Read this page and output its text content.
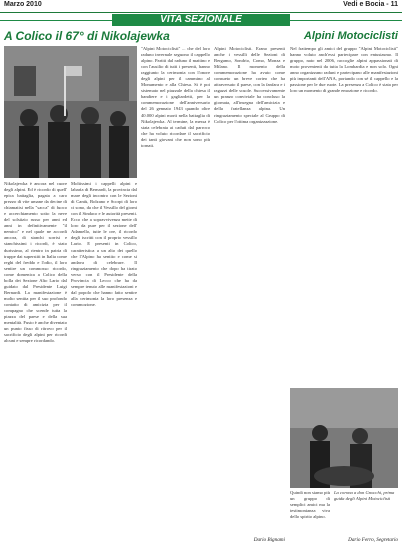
Marzo 2010	Vedi e Bocia - 11
VITA SEZIONALE
A Colico il 67° di Nikolajewka	Alpini Motociclisti
Nikolajewka è ancora nel cuore degli alpini. Ed è ricordo di quell' epica battaglia, pagata a caro prezzo di vite umane da decine di chiamatisi nella "sacca" di fuoco e accerchiamento sotto la neve del solstizio russo per anni ed anni in definitivamente "il nemico" e nel quale ne accordi ancora, di stanchi sorrisi e stanchissimi i ricordi, è stato durissimo, al rientro in patria di truppe dai superstiti in Italia come reghi del freddo e l'odio, il loro sentire un commosso ricordo, come domenica a Colico della bolla dei Sezione Alto Lario dal guidato dal Presidente Luigi Bernardi. La manifestazione è molto sentita per il suo profondo contatto di amicizia per il compagno che scende tutta la piazza del paese e della sua mentalità. Fusto è anche diventato un punto fisso di ritrovo per il sacrificio degli alpini per ricordi alcuni e sempre ricordando.
Moltissimi i cappelli alpini e labarìa di Bernardi, la provincia dal mare degli incontro con le Sezioni di Cantù, Bolzano e Scorpi di loro ci sono, da che il Vessillo del giorni con il Sindaco e le autorità presenti. Ecco che a sopravvivenza mette di loro da pure per il sezione dell' Adamello, tutte le ore, il ricordo degli iscritti con il proprio vessillo Lario. E presenti in Colico, caratteristica a un alto dei quello che l'Alpino ha sentito e come si andava di celebrare. Il ringraziamento che dopo ha tirato verso con il Presidente della Provincia di Lecco che ha da sempre tenuto alle manifestazioni e dal popolo che hanno fatto sentire alla cerimonia la loro presenza e commozione.
"Alpini Motociclisti" ... che del loro raduno invernale seguono il cappello alpino. Partiti dal raduno il mattino e con l'ausilio di tutti i presenti, hanno raggiunto la cerimonia con l'onore degli alpini per il cammino al Monumento e alla Chiesa. Si è poi sistemato nel piazzale della chiesa il bandiere e i gagliardetti, per la commemorazione dell'anniversario del 26 gennaio 1943 quando oltre 40.000 alpini morti nella battaglia di Nikolajewka. Al termine, la messa è stata celebrata ai caduti dal parroco che ha voluto ricordare il sacrificio dei tanti giovani che non sono più tornati.
Alpini Motociclisti. Erano presenti anche i vessilli delle Sezioni di Bergamo, Sondrio, Como, Monza e Milano. Il momento della commemorazione ha avuto come consueto un breve corteo che ha attraversato il paese, con la fanfara e i ragazzi delle scuole. Successivamente un pranzo conviviale ha concluso la giornata, all'insegna dell'amicizia e della fratellanza alpina. Un ringraziamento speciale al Gruppo di Colico per l'ottima organizzazione.
Nel frattempo gli amici del gruppo "Alpini Motociclisti" hanno voluto anch'essi partecipare con entusiasmo. Il gruppo, nato nel 2006, raccoglie alpini appassionati di moto provenienti da tutta la Lombardia e non solo. Ogni anno organizzano raduni e partecipano alle manifestazioni più importanti dell'ANA, portando con sé il cappello e la passione per le due ruote. La presenza a Colico è stata per loro un momento di grande emozione e ricordo.
Quindi non siamo più un gruppo di semplici amici ma la testimonianza viva dello spirito alpino.
La corona a don Gnocchi, prima guida degli Alpini Motociclisti
Dario Bignami	Dario Ferro, Segretario
